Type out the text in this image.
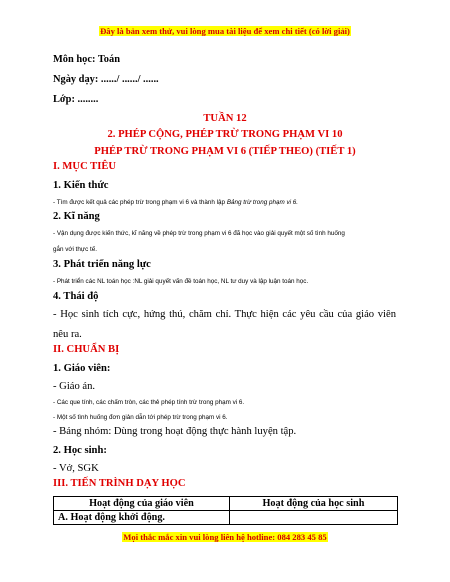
Đây là bản xem thử, vui lòng mua tài liệu để xem chi tiết (có lời giải)
Môn học: Toán
Ngày dạy: ....../ ....../ ......
Lớp: ........
TUẦN 12
2. PHÉP CỘNG, PHÉP TRỪ TRONG PHẠM VI 10
PHÉP TRỪ TRONG PHẠM VI 6 (TIẾP THEO) (TIẾT 1)
I. MỤC TIÊU
1. Kiến thức
- Tìm được kết quả các phép trừ trong phạm vi 6 và thành lập Bảng trừ trong phạm vi 6.
2. Kĩ năng
- Vận dụng được kiến thức, kĩ năng về phép trừ trong phạm vi 6 đã học vào giải quyết một số tình huống
gắn với thực tế.
3. Phát triển năng lực
- Phát triển các NL toán học :NL giải quyết vấn đề toán học, NL tư duy và lập luận toán học.
4. Thái độ
- Học sinh tích cực, hứng thú, chăm chỉ. Thực hiện các yêu cầu của giáo viên nêu ra.
II. CHUẨN BỊ
1. Giáo viên:
- Giáo án.
- Các que tính, các chấm tròn, các thẻ phép tính trừ trong phạm vi 6.
- Một số tình huống đơn giản dẫn tới phép trừ trong phạm vi 6.
- Bảng nhóm: Dùng trong hoạt động thực hành luyện tập.
2. Học sinh:
- Vở, SGK
III. TIẾN TRÌNH DẠY HỌC
Hoạt động của giáo viên	Hoạt động của học sinh
A. Hoạt động khởi động.	
Mọi thắc mắc xin vui lòng liên hệ hotline: 084 283 45 85
